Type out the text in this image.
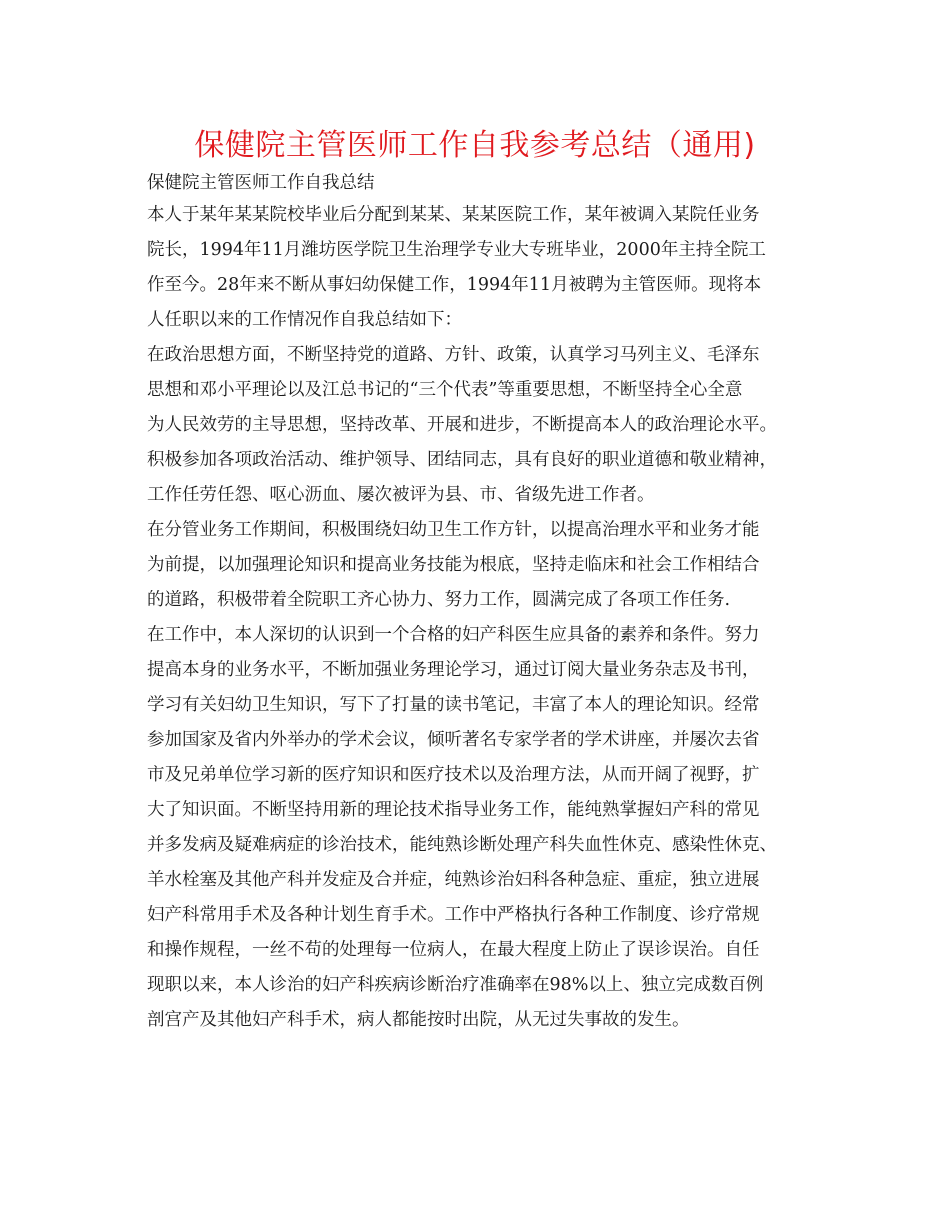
保健院主管医师工作自我参考总结（通用)
保健院主管医师工作自我总结
本人于某年某某院校毕业后分配到某某、某某医院工作，某年被调入某院任业务
院长，1994年11月潍坊医学院卫生治理学专业大专班毕业，2000年主持全院工
作至今。28年来不断从事妇幼保健工作，1994年11月被聘为主管医师。现将本
人任职以来的工作情况作自我总结如下：
在政治思想方面，不断坚持党的道路、方针、政策，认真学习马列主义、毛泽东
思想和邓小平理论以及江总书记的“三个代表”等重要思想，不断坚持全心全意
为人民效劳的主导思想，坚持改革、开展和进步，不断提高本人的政治理论水平。
积极参加各项政治活动、维护领导、团结同志，具有良好的职业道德和敬业精神，
工作任劳任怨、呕心沥血、屡次被评为县、市、省级先进工作者。
在分管业务工作期间，积极围绕妇幼卫生工作方针，以提高治理水平和业务才能
为前提，以加强理论知识和提高业务技能为根底，坚持走临床和社会工作相结合
的道路，积极带着全院职工齐心协力、努力工作，圆满完成了各项工作任务.
在工作中，本人深切的认识到一个合格的妇产科医生应具备的素养和条件。努力
提高本身的业务水平，不断加强业务理论学习，通过订阅大量业务杂志及书刊，
学习有关妇幼卫生知识，写下了打量的读书笔记，丰富了本人的理论知识。经常
参加国家及省内外举办的学术会议，倾听著名专家学者的学术讲座，并屡次去省
市及兄弟单位学习新的医疗知识和医疗技术以及治理方法，从而开阔了视野，扩
大了知识面。不断坚持用新的理论技术指导业务工作，能纯熟掌握妇产科的常见
并多发病及疑难病症的诊治技术，能纯熟诊断处理产科失血性休克、感染性休克、
羊水栓塞及其他产科并发症及合并症，纯熟诊治妇科各种急症、重症，独立进展
妇产科常用手术及各种计划生育手术。工作中严格执行各种工作制度、诊疗常规
和操作规程，一丝不苟的处理每一位病人，在最大程度上防止了误诊误治。自任
现职以来，本人诊治的妇产科疾病诊断治疗准确率在98%以上、独立完成数百例
剖宫产及其他妇产科手术，病人都能按时出院，从无过失事故的发生。
